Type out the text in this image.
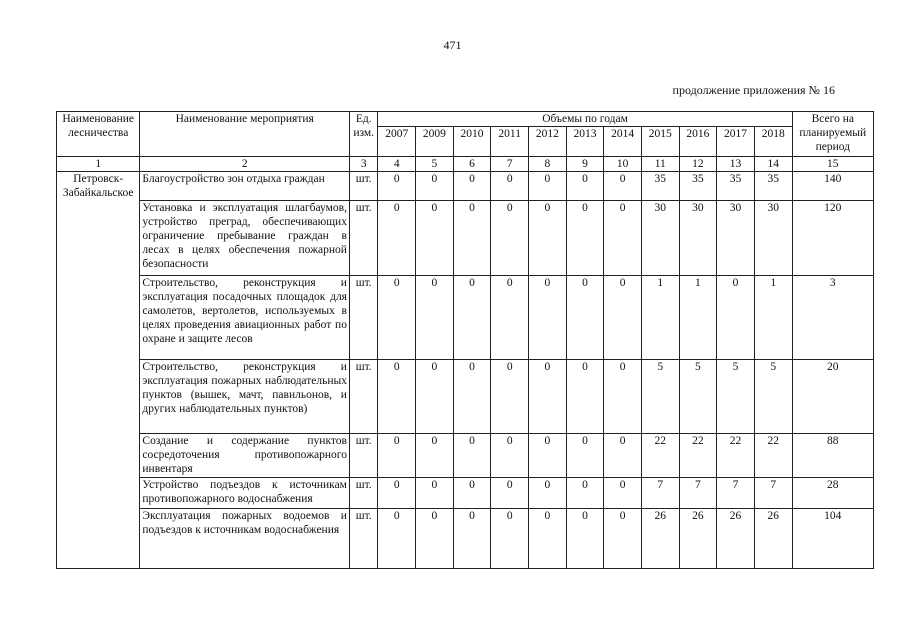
471
продолжение приложения № 16
Наименование лесничества	Наименование мероприятия	Ед. изм.	Объемы по годам											Всего на планируемый период
			2007	2009	2010	2011	2012	2013	2014	2015	2016	2017	2018	
1	2	3	4	5	6	7	8	9	10	11	12	13	14	15
Петровск-Забайкальское	Благоустройство зон отдыха граждан	шт.	0	0	0	0	0	0	0	35	35	35	35	140
	Установка и эксплуатация шлагбаумов, устройство преград, обеспечивающих ограничение пребывание граждан в лесах в целях обеспечения пожарной безопасности	шт.	0	0	0	0	0	0	0	30	30	30	30	120
	Строительство, реконструкция и эксплуатация посадочных площадок для самолетов, вертолетов, используемых в целях проведения авиационных работ по охране и защите лесов	шт.	0	0	0	0	0	0	0	1	1	0	1	3
	Строительство, реконструкция и эксплуатация пожарных наблюдательных пунктов (вышек, мачт, павильонов, и других наблюдательных пунктов)	шт.	0	0	0	0	0	0	0	5	5	5	5	20
	Создание и содержание пунктов сосредоточения противопожарного инвентаря	шт.	0	0	0	0	0	0	0	22	22	22	22	88
	Устройство подъездов к источникам противопожарного водоснабжения	шт.	0	0	0	0	0	0	0	7	7	7	7	28
	Эксплуатация пожарных водоемов и подъездов к источникам водоснабжения	шт.	0	0	0	0	0	0	0	26	26	26	26	104
